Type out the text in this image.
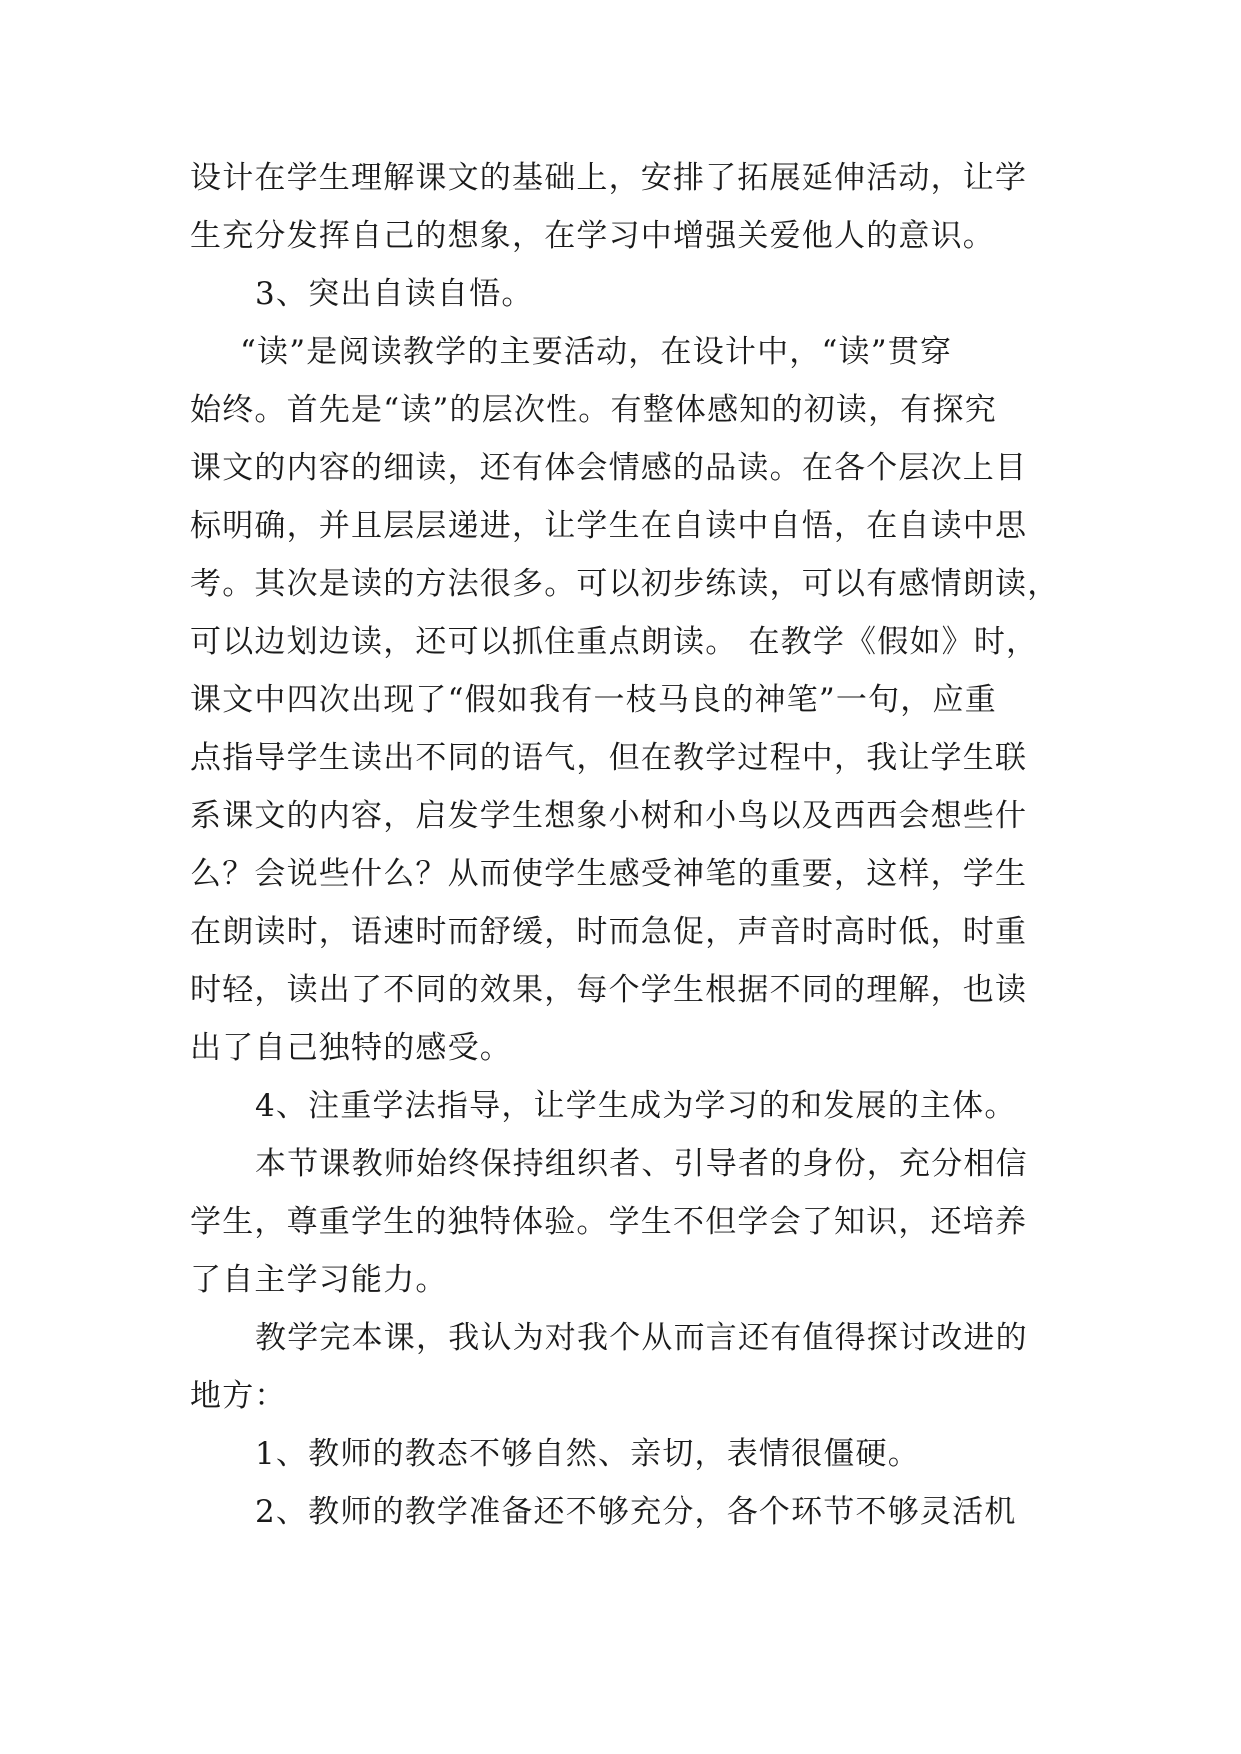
设计在学生理解课文的基础上，安排了拓展延伸活动，让学
生充分发挥自己的想象，在学习中增强关爱他人的意识。
3、突出自读自悟。
“读”是阅读教学的主要活动，在设计中，“读”贯穿
始终。首先是“读”的层次性。有整体感知的初读，有探究
课文的内容的细读，还有体会情感的品读。在各个层次上目
标明确，并且层层递进，让学生在自读中自悟，在自读中思
考。其次是读的方法很多。可以初步练读，可以有感情朗读，
可以边划边读，还可以抓住重点朗读。 在教学《假如》时，
课文中四次出现了“假如我有一枝马良的神笔”一句，应重
点指导学生读出不同的语气，但在教学过程中，我让学生联
系课文的内容，启发学生想象小树和小鸟以及西西会想些什
么？会说些什么？从而使学生感受神笔的重要，这样，学生
在朗读时，语速时而舒缓，时而急促，声音时高时低，时重
时轻，读出了不同的效果，每个学生根据不同的理解，也读
出了自己独特的感受。
4、注重学法指导，让学生成为学习的和发展的主体。
本节课教师始终保持组织者、引导者的身份，充分相信
学生，尊重学生的独特体验。学生不但学会了知识，还培养
了自主学习能力。
教学完本课，我认为对我个从而言还有值得探讨改进的
地方：
1、教师的教态不够自然、亲切，表情很僵硬。
2、教师的教学准备还不够充分，各个环节不够灵活机
